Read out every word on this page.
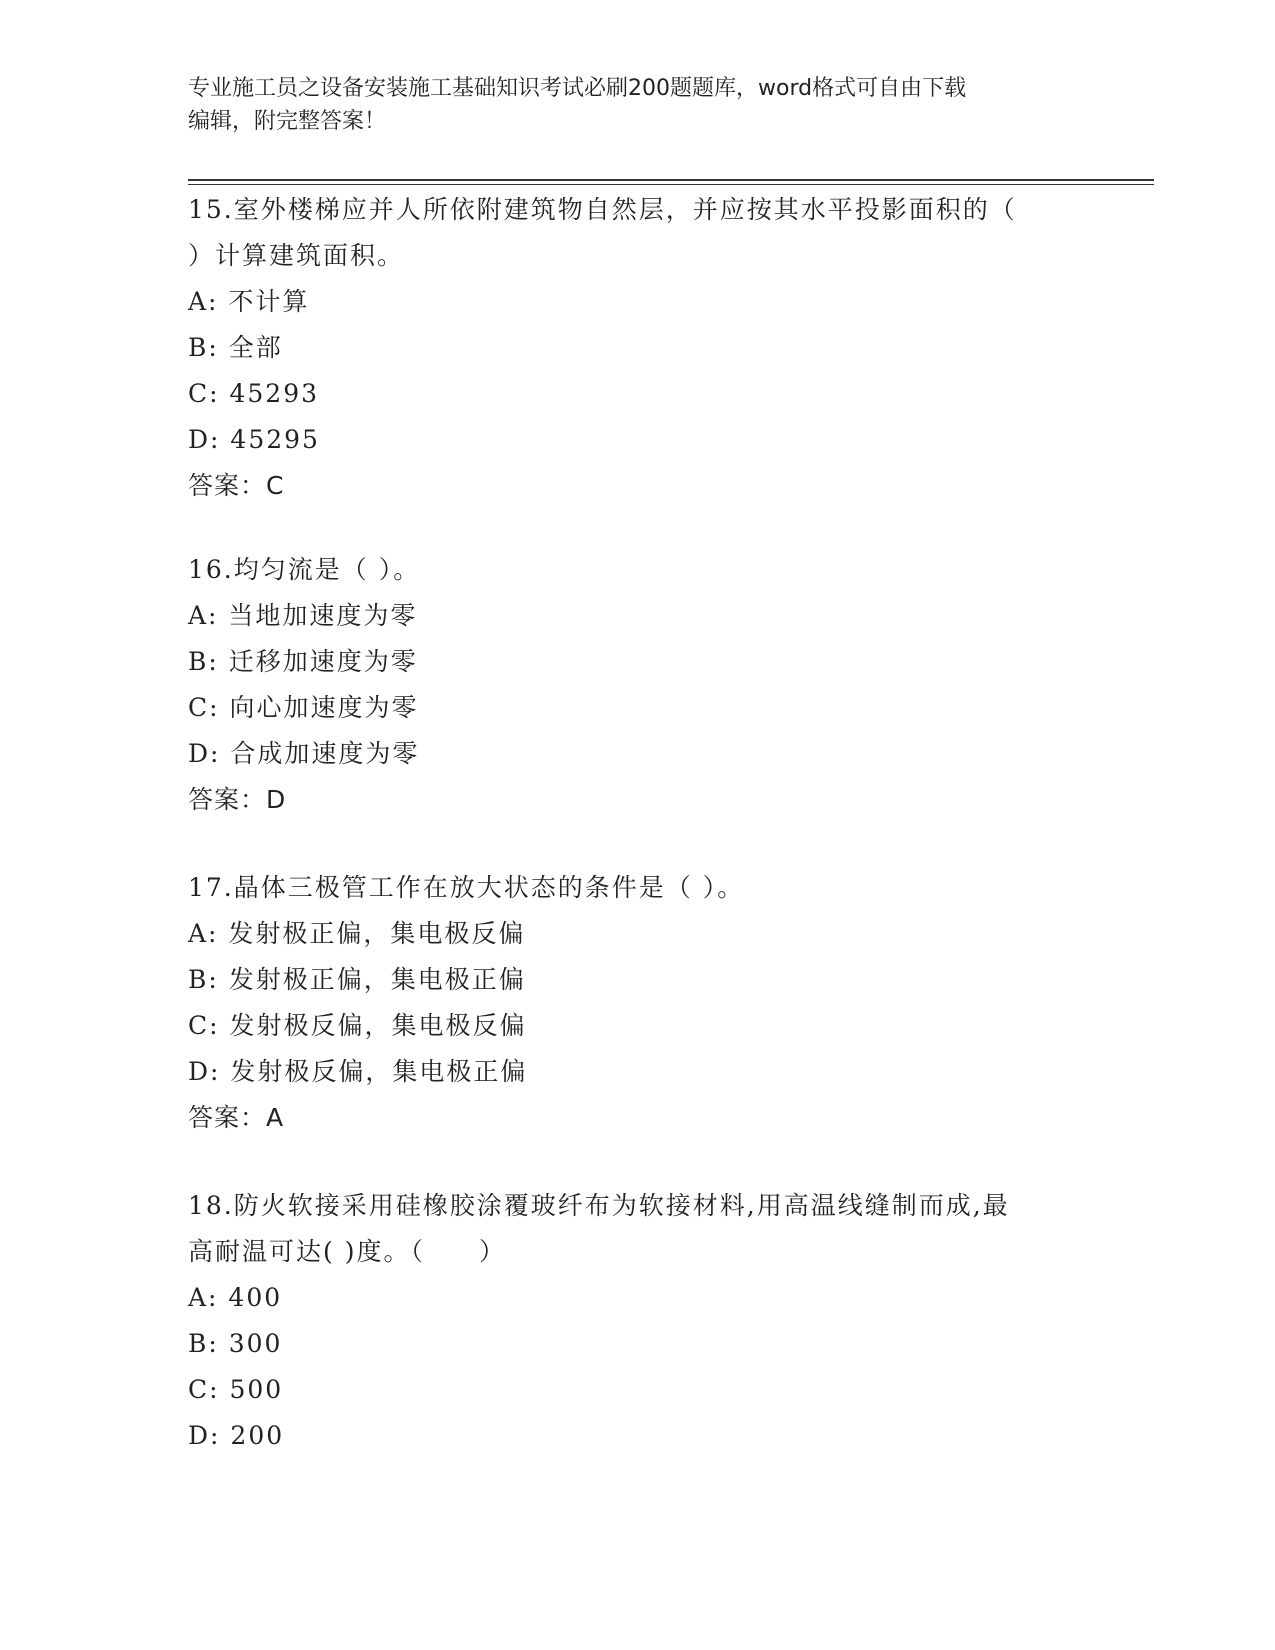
专业施工员之设备安装施工基础知识考试必刷200题题库，word格式可自由下载
编辑，附完整答案！
15.室外楼梯应并人所依附建筑物自然层，并应按其水平投影面积的（
）计算建筑面积。
A: 不计算
B: 全部
C: 45293
D: 45295
答案：C
16.均匀流是（ ）。
A: 当地加速度为零
B: 迁移加速度为零
C: 向心加速度为零
D: 合成加速度为零
答案：D
17.晶体三极管工作在放大状态的条件是（ ）。
A: 发射极正偏，集电极反偏
B: 发射极正偏，集电极正偏
C: 发射极反偏，集电极反偏
D: 发射极反偏，集电极正偏
答案：A
18.防火软接采用硅橡胶涂覆玻纤布为软接材料,用高温线缝制而成,最
高耐温可达( )度。（　　）
A: 400
B: 300
C: 500
D: 200
